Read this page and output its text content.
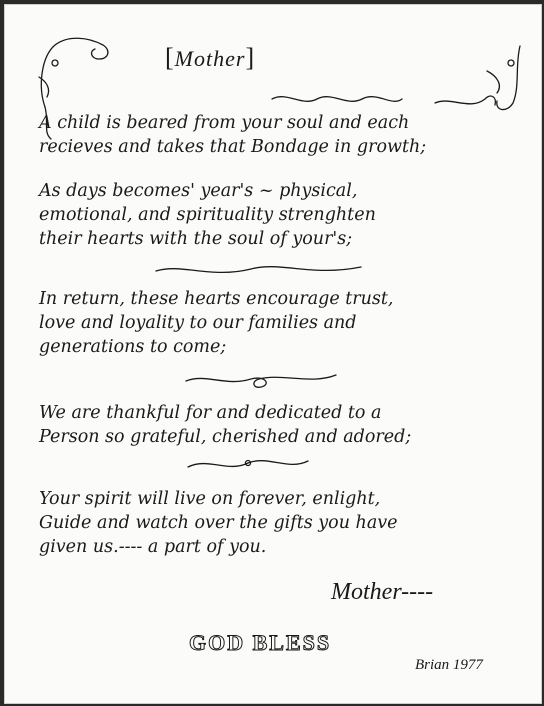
[Mother]
A child is beared from your soul and each
recieves and takes that Bondage in growth;
As days becomes' year's ~ physical,
emotional, and spirituality strenghten
their hearts with the soul of your's;
In return, these hearts encourage trust,
love and loyality to our families and
generations to come;
We are thankful for and dedicated to a
Person so grateful, cherished and adored;
Your spirit will live on forever, enlight,
Guide and watch over the gifts you have
given us.---- a part of you.
Mother----
GOD BLESS
Brian 1977
